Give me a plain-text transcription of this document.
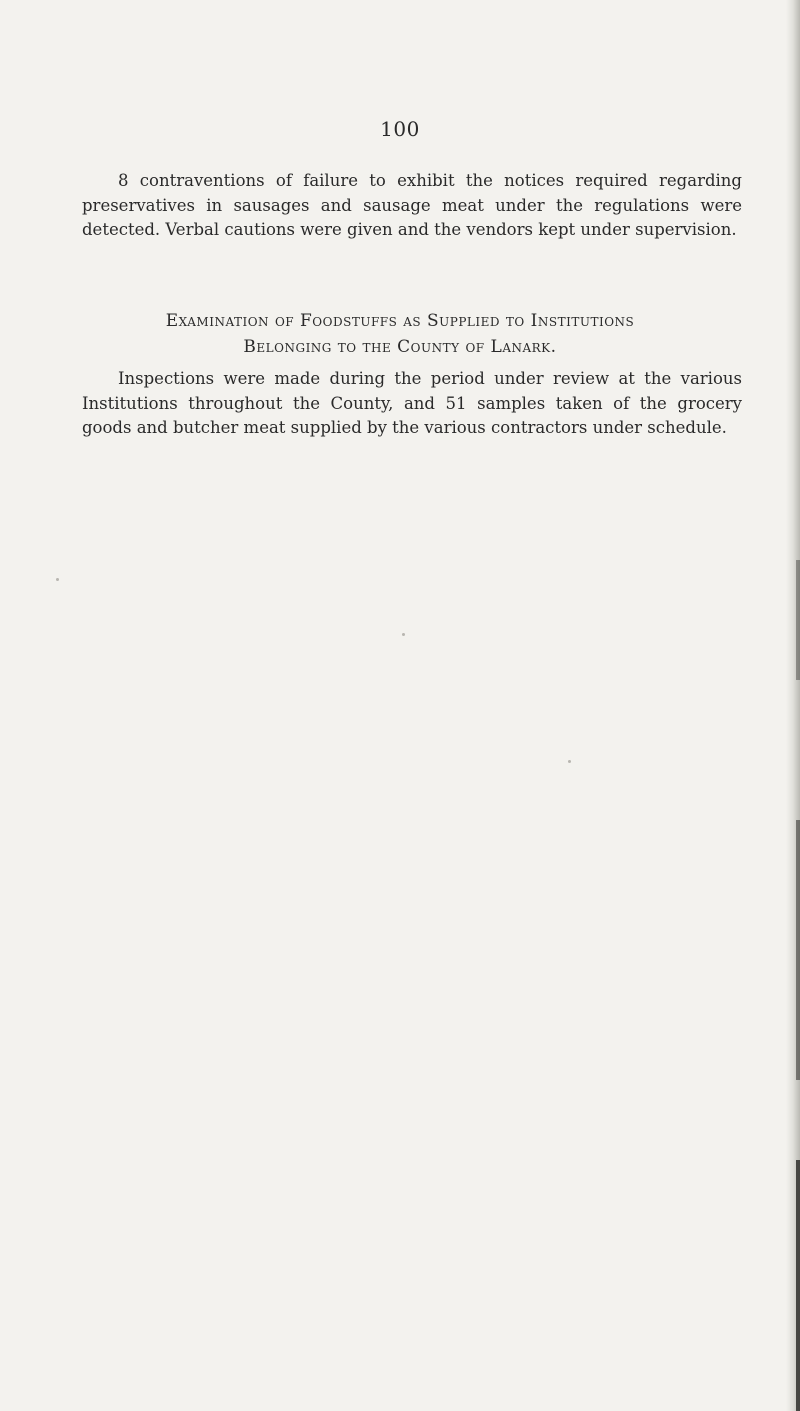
100

8 contraventions of failure to exhibit the notices required regarding preservatives in sausages and sausage meat under the regulations were detected. Verbal cautions were given and the vendors kept under supervision.

Examination of Foodstuffs as Supplied to Institutions
Belonging to the County of Lanark.

Inspections were made during the period under review at the various Institutions throughout the County, and 51 samples taken of the grocery goods and butcher meat supplied by the various contractors under schedule.
